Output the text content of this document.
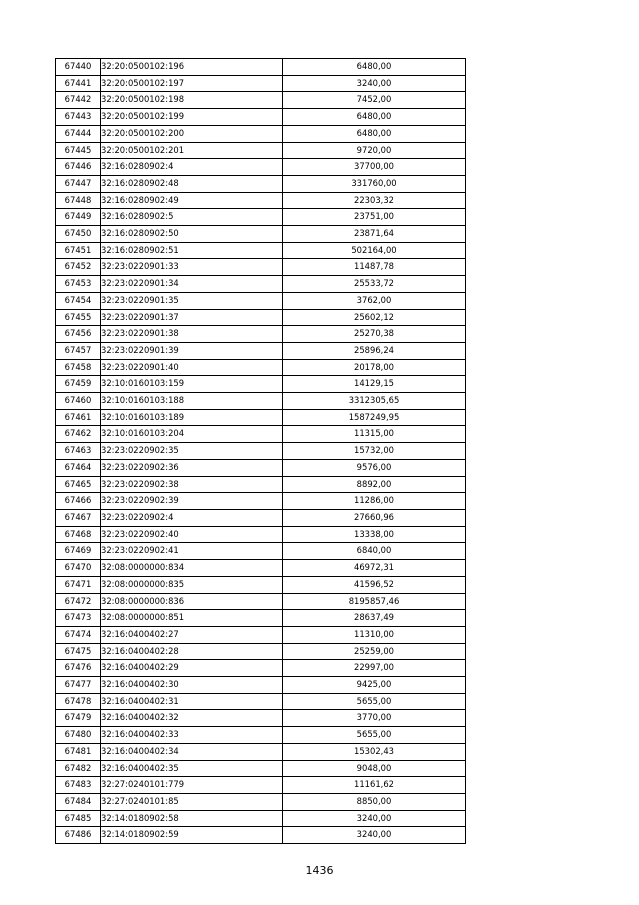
67440	32:20:0500102:196	6480,00
67441	32:20:0500102:197	3240,00
67442	32:20:0500102:198	7452,00
67443	32:20:0500102:199	6480,00
67444	32:20:0500102:200	6480,00
67445	32:20:0500102:201	9720,00
67446	32:16:0280902:4	37700,00
67447	32:16:0280902:48	331760,00
67448	32:16:0280902:49	22303,32
67449	32:16:0280902:5	23751,00
67450	32:16:0280902:50	23871,64
67451	32:16:0280902:51	502164,00
67452	32:23:0220901:33	11487,78
67453	32:23:0220901:34	25533,72
67454	32:23:0220901:35	3762,00
67455	32:23:0220901:37	25602,12
67456	32:23:0220901:38	25270,38
67457	32:23:0220901:39	25896,24
67458	32:23:0220901:40	20178,00
67459	32:10:0160103:159	14129,15
67460	32:10:0160103:188	3312305,65
67461	32:10:0160103:189	1587249,95
67462	32:10:0160103:204	11315,00
67463	32:23:0220902:35	15732,00
67464	32:23:0220902:36	9576,00
67465	32:23:0220902:38	8892,00
67466	32:23:0220902:39	11286,00
67467	32:23:0220902:4	27660,96
67468	32:23:0220902:40	13338,00
67469	32:23:0220902:41	6840,00
67470	32:08:0000000:834	46972,31
67471	32:08:0000000:835	41596,52
67472	32:08:0000000:836	8195857,46
67473	32:08:0000000:851	28637,49
67474	32:16:0400402:27	11310,00
67475	32:16:0400402:28	25259,00
67476	32:16:0400402:29	22997,00
67477	32:16:0400402:30	9425,00
67478	32:16:0400402:31	5655,00
67479	32:16:0400402:32	3770,00
67480	32:16:0400402:33	5655,00
67481	32:16:0400402:34	15302,43
67482	32:16:0400402:35	9048,00
67483	32:27:0240101:779	11161,62
67484	32:27:0240101:85	8850,00
67485	32:14:0180902:58	3240,00
67486	32:14:0180902:59	3240,00
1436
